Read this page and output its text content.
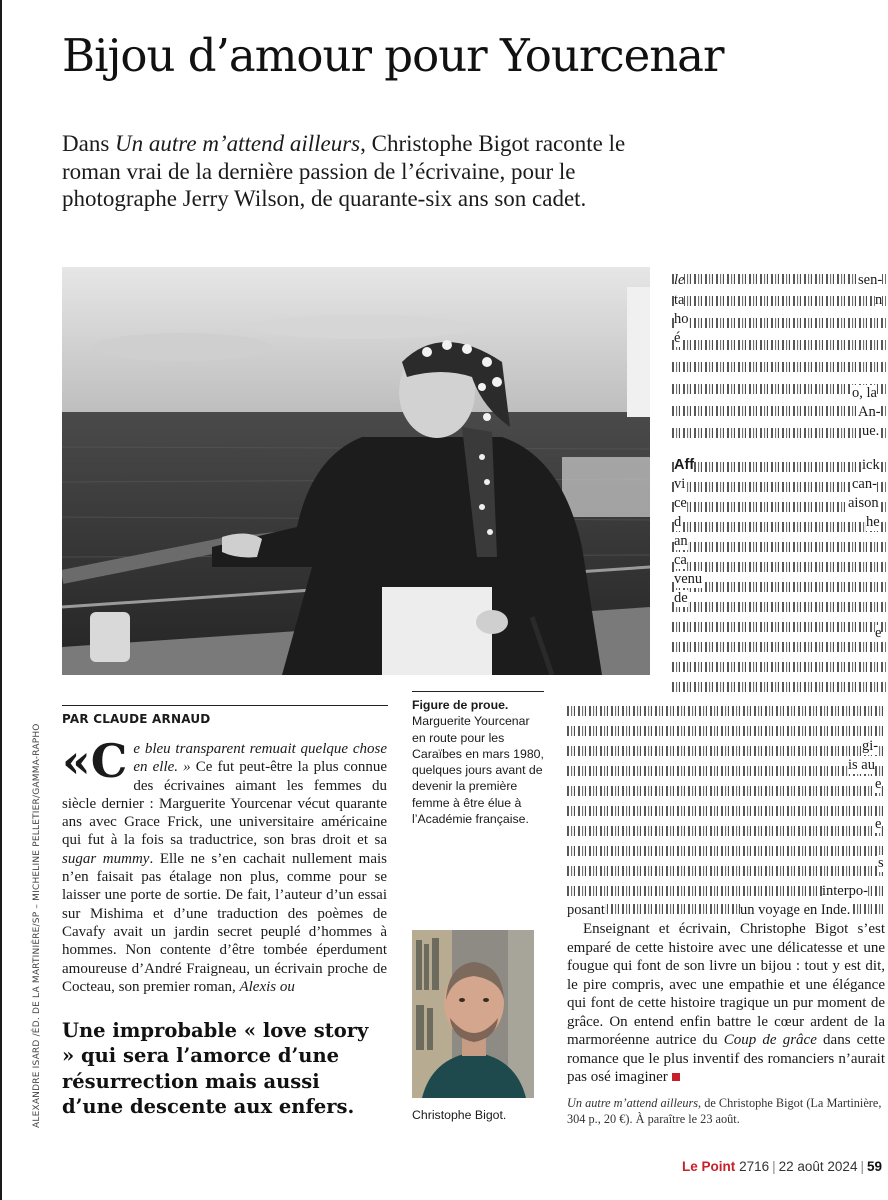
Bijou d’amour pour Yourcenar
Dans Un autre m’attend ailleurs, Christophe Bigot raconte le roman vrai de la dernière passion de l’écrivaine, pour le photographe Jerry Wilson, de quarante-six ans son cadet.
ALEXANDRE ISARD /ÉD. DE LA MARTINIÈRE/SP – MICHELINE PELLETIER/GAMMA-RAPHO
PAR CLAUDE ARNAUD

«Ce bleu transparent remuait quelque chose en elle. » Ce fut peut-être la plus connue des écrivaines aimant les femmes du siècle dernier : Marguerite Yourcenar vécut quarante ans avec Grace Frick, une universitaire américaine qui fut à la fois sa traductrice, son bras droit et sa sugar mummy. Elle ne s’en cachait nullement mais n’en faisait pas étalage non plus, comme pour se laisser une porte de sortie. De fait, l’auteur d’un essai sur Mishima et d’une traduction des poèmes de Cavafy avait un jardin secret peuplé d’hommes à hommes. Non contente d’être tombée éperdument amoureuse d’André Fraigneau, un écrivain proche de Cocteau, son premier roman, Alexis ou

Une improbable « love story » qui sera l’amorce d’une résurrection mais aussi d’une descente aux enfers.
Figure de proue.
Marguerite Yourcenar en route pour les Caraïbes en mars 1980, quelques jours avant de devenir la première femme à être élue à l’Académie française.
Christophe Bigot.
le	sen-
n
ta
ho
é
o, la
An-
ue.
Aff	ick
vi	can-
ce	aison
d	he
an
ca
venu
de
e
gi-
is au
e
e
s
interpo-
posant	un voyage en Inde.

Enseignant et écrivain, Christophe Bigot s’est emparé de cette histoire avec une délicatesse et une fougue qui font de son livre un bijou : tout y est dit, le pire compris, avec une empathie et une élégance qui font de cette histoire tragique un pur moment de grâce. On entend enfin battre le cœur ardent de la marmoréenne autrice du Coup de grâce dans cette romance que le plus inventif des romanciers n’aurait pas osé imaginer

Un autre m’attend ailleurs, de Christophe Bigot (La Martinière, 304 p., 20 €). À paraître le 23 août.
Le Point 2716 | 22 août 2024 | 59
